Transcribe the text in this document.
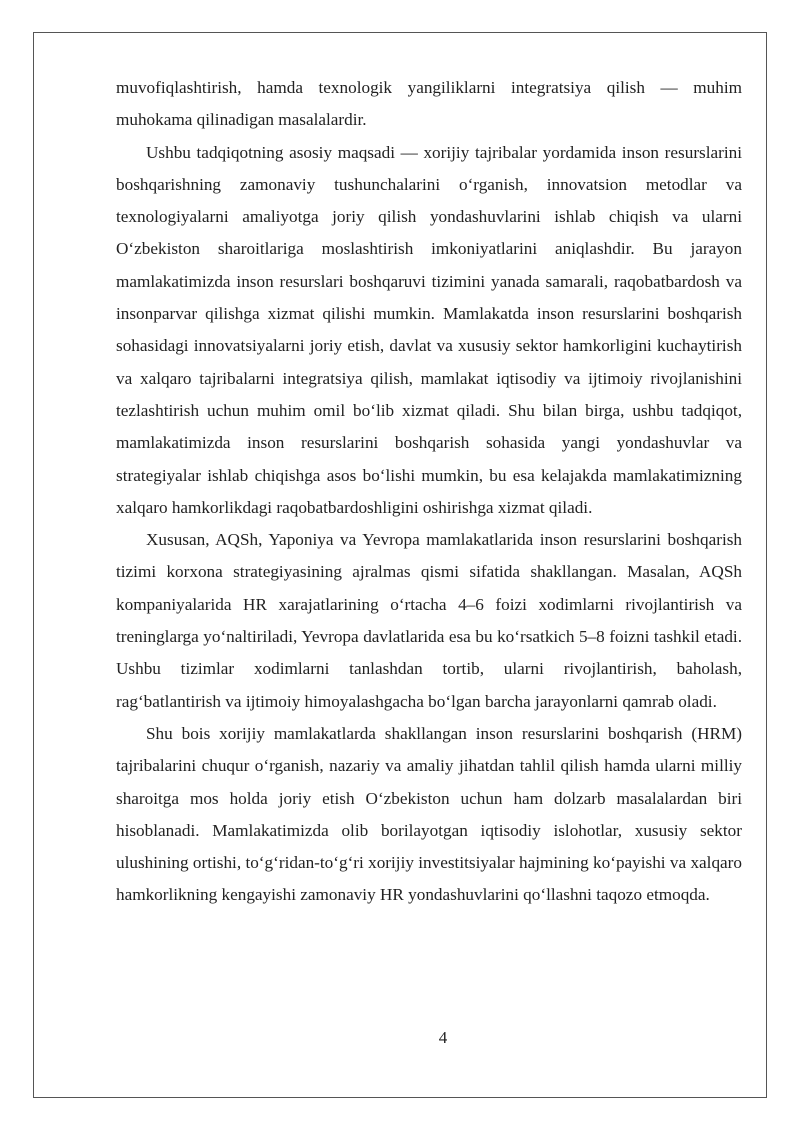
muvofiqlashtirish, hamda texnologik yangiliklarni integratsiya qilish — muhim muhokama qilinadigan masalalardir.

Ushbu tadqiqotning asosiy maqsadi — xorijiy tajribalar yordamida inson resurslarini boshqarishning zamonaviy tushunchalarini o‘rganish, innovatsion metodlar va texnologiyalarni amaliyotga joriy qilish yondashuvlarini ishlab chiqish va ularni O‘zbekiston sharoitlariga moslashtirish imkoniyatlarini aniqlashdir. Bu jarayon mamlakatimizda inson resurslari boshqaruvi tizimini yanada samarali, raqobatbardosh va insonparvar qilishga xizmat qilishi mumkin. Mamlakatda inson resurslarini boshqarish sohasidagi innovatsiyalarni joriy etish, davlat va xususiy sektor hamkorligini kuchaytirish va xalqaro tajribalarni integratsiya qilish, mamlakat iqtisodiy va ijtimoiy rivojlanishini tezlashtirish uchun muhim omil bo‘lib xizmat qiladi. Shu bilan birga, ushbu tadqiqot, mamlakatimizda inson resurslarini boshqarish sohasida yangi yondashuvlar va strategiyalar ishlab chiqishga asos bo‘lishi mumkin, bu esa kelajakda mamlakatimizning xalqaro hamkorlikdagi raqobatbardoshligini oshirishga xizmat qiladi.

Xususan, AQSh, Yaponiya va Yevropa mamlakatlarida inson resurslarini boshqarish tizimi korxona strategiyasining ajralmas qismi sifatida shakllangan. Masalan, AQSh kompaniyalarida HR xarajatlarining o‘rtacha 4–6 foizi xodimlarni rivojlantirish va treninglarga yo‘naltiriladi, Yevropa davlatlarida esa bu ko‘rsatkich 5–8 foizni tashkil etadi. Ushbu tizimlar xodimlarni tanlashdan tortib, ularni rivojlantirish, baholash, rag‘batlantirish va ijtimoiy himoyalashgacha bo‘lgan barcha jarayonlarni qamrab oladi.

Shu bois xorijiy mamlakatlarda shakllangan inson resurslarini boshqarish (HRM) tajribalarini chuqur o‘rganish, nazariy va amaliy jihatdan tahlil qilish hamda ularni milliy sharoitga mos holda joriy etish O‘zbekiston uchun ham dolzarb masalalardan biri hisoblanadi. Mamlakatimizda olib borilayotgan iqtisodiy islohotlar, xususiy sektor ulushining ortishi, to‘g‘ridan-to‘g‘ri xorijiy investitsiyalar hajmining ko‘payishi va xalqaro hamkorlikning kengayishi zamonaviy HR yondashuvlarini qo‘llashni taqozo etmoqda.

4
